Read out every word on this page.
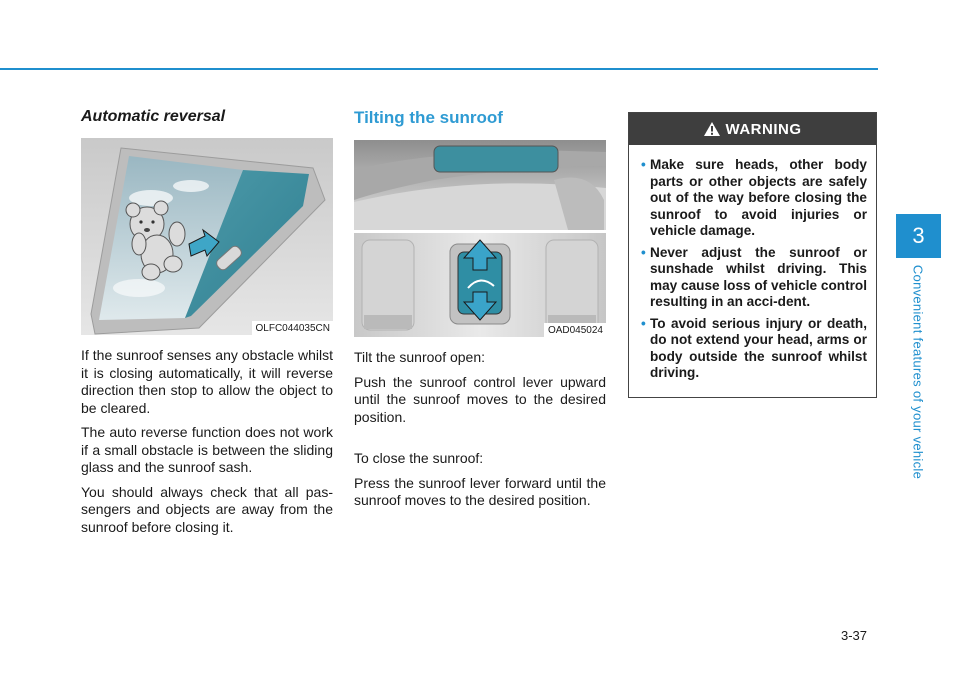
Automatic reversal
OLFC044035CN

If the sunroof senses any obstacle whilst it is closing automatically, it will reverse direction then stop to allow the object to be cleared.

The auto reverse function does not work if a small obstacle is between the sliding glass and the sunroof sash.

You should always check that all pas-sengers and objects are away from the sunroof before closing it.

Tilting the sunroof
OAD045024

Tilt the sunroof open:

Push the sunroof control lever upward until the sunroof moves to the desired position.

To close the sunroof:

Press the sunroof lever forward until the sunroof moves to the desired position.

WARNING
• Make sure heads, other body parts or other objects are safely out of the way before closing the sunroof to avoid injuries or vehicle damage.
• Never adjust the sunroof or sunshade whilst driving. This may cause loss of vehicle control resulting in an acci-dent.
• To avoid serious injury or death, do not extend your head, arms or body outside the sunroof whilst driving.
3
Convenient features of your vehicle
3-37
